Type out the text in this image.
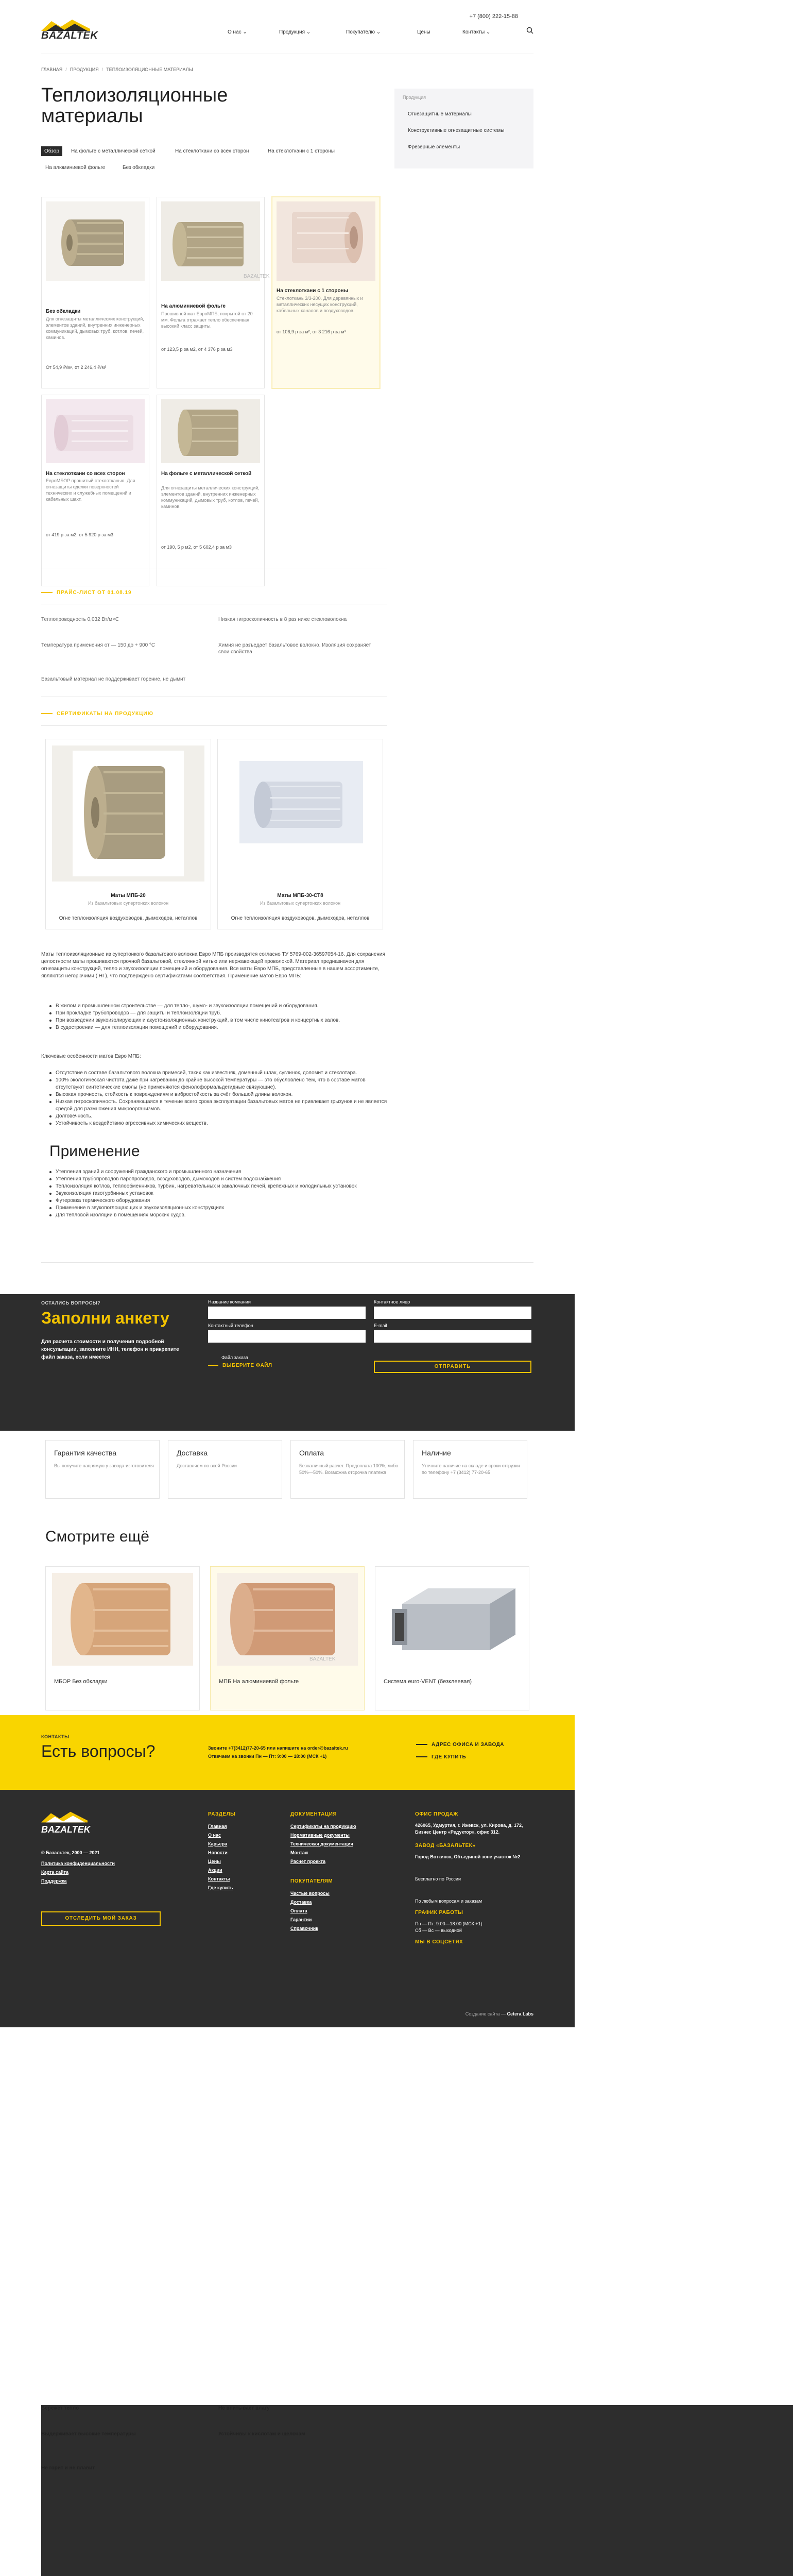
BAZALTEK
+7 (800) 222-15-88
О нас ⌄	Продукция ⌄	Покупателю ⌄	Цены	Контакты ⌄
ГЛАВНАЯ / ПРОДУКЦИЯ / ТЕПЛОИЗОЛЯЦИОННЫЕ МАТЕРИАЛЫ
Теплоизоляционные материалы
Обзор	На фольге с металлической сеткой	На стеклоткани со всех сторон	На стеклоткани с 1 стороны
На алюминиевой фольге	Без обкладки
Продукция
Огнезащитные материалы
Конструктивные огнезащитные системы
Фрезерные элементы
Без обкладки
Для огнезащиты металлических конструкций, элементов зданий, внутренних инженерных коммуникаций, дымовых труб, котлов, печей, каминов.
От 54,9 ₽/м², от 2 246,4 ₽/м³
BAZALTEK
На алюминиевой фольге
Прошивной мат ЕвроМПБ, покрытой от 20 мм. Фольга отражает тепло обеспечивая высокий класс защиты.
от 123,5 р за м2, от 4 376 р за м3
На стеклоткани с 1 стороны
Стеклоткань 3/3-200. Для деревянных и металлических несущих конструкций, кабельных каналов и воздуховодов.
от 106,9 р за м², от 3 216 р за м³
На стеклоткани со всех сторон
ЕвроМБОР прошитый стеклотканью. Для огнезащиты оделки поверхностей технических и служебных помещений и кабельных шахт.
от 419 р за м2, от 5 920 р за м3
На фольге с металлической сеткой
Для огнезащиты металлических конструкций, элементов зданий, внутренних инженерных коммуникаций, дымовых труб, котлов, печей, каминов.
от 190, 5 р м2, от 5 602,4 р за м3
ПРАЙС-ЛИСТ ОТ 01.08.19
Бережет тепло
Теплопроводность 0,032 Вт/м×С
Не впитывает влагу
Низкая гигроскопичность в 8 раз ниже стекловолокна
Выдерживает высокие температуры
Температура применения от — 150 до + 900 °С
Устойчивы к кислотам и щелочам
Химия не разъедает базальтовое волокно. Изоляция сохраняет свои свойства
Не горит и не плавит
Базальтовый материал не поддерживает горение, не дымит
СЕРТИФИКАТЫ НА ПРОДУКЦИЮ
Маты МПБ-20
Из базальтовых супертонких волокон
Огне теплоизоляция воздуховодов, дымоходов, неталлов
Маты МПБ-30-СТ8
Из базальтовых супертонких волокон
Огне теплоизоляция воздуховодов, дымоходов, неталлов
Маты теплоизоляционные из супертонкого базальтового волокна Евро МПБ производятся согласно ТУ 5769-002-36597054-16. Для сохранения целостности маты прошиваются прочной базальтовой, стеклянной нитью или нержавеющей проволокой. Материал предназначен для огнезащиты конструкций, тепло и звукоизоляции помещений и оборудования. Все маты Евро МПБ, представленные в нашем ассортименте, являются негорючими ( НГ), что подтверждено сертификатами соответствия. Применение матов Евро МПБ:
В жилом и промышленном строительстве — для тепло-, шумо- и звукоизоляции помещений и оборудования.
При прокладке трубопроводов — для защиты и теплоизоляции труб.
При возведении звукоизолирующих и акустоизоляционных конструкций, в том числе кинотеатров и концертных залов.
В судостроении — для теплоизоляции помещений и оборудования.
Ключевые особенности матов Евро МПБ:
Отсутствие в составе базальтового волокна примесей, таких как известняк, доменный шлак, суглинок, доломит и стеклотара.
100% экологическая чистота даже при нагревании до крайне высокой температуры — это обусловлено тем, что в составе матов отсутствуют синтетические смолы (не применяются фенолоформальдегидные связующие).
Высокая прочность, стойкость к повреждениям и вибростойкость за счёт большой длины волокон.
Низкая гигроскопичность. Сохраняющаяся в течение всего срока эксплуатации базальтовых матов не привлекает грызунов и не является средой для размножения микроорганизмов.
Долговечность.
Устойчивость к воздействию агрессивных химических веществ.
Применение
Утепления зданий и сооружений гражданского и промышленного назначения
Утепления трубопроводов паропроводов, воздуховодов, дымоходов и систем водоснабжения
Теплоизоляция котлов, теплообменников, турбин, нагревательных и закалочных печей, крепежных и холодильных установок
Звукоизоляция газотурбинных установок
Футеровка термического оборудования
Применение в звукопоглощающих и звукоизоляционных конструкциях
Для тепловой изоляции в помещениях морских судов.
ОСТАЛИСЬ ВОПРОСЫ?
Заполни анкету
Для расчета стоимости и получения подробной консультации, заполните ИНН, телефон и прикрепите файл заказа, если имеется
Название компании	Контактное лицо
Контактный телефон	E-mail
Файл заказа
ВЫБЕРИТЕ ФАЙЛ	ОТПРАВИТЬ
Гарантия качества
Вы получите напрямую у завода-изготовителя
Доставка
Доставляем по всей России
Оплата
Безналичный расчет. Предоплата 100%, либо 50%—50%. Возможна отсрочка платежа
Наличие
Уточните наличие на складе и сроки отгрузки по телефону +7 (3412) 77-20-65
Смотрите ещё
МБОР Без обкладки
BAZALTEK
МПБ На алюминиевой фольге	Система euro-VENT (безклеевая)
КОНТАКТЫ
Есть вопросы?	Звоните +7(3412)77-20-65 или напишите на order@bazaltek.ru
Отвечаем на звонки Пн — Пт: 9:00 — 18:00 (МСК +1)
АДРЕС ОФИСА И ЗАВОДА
ГДЕ КУПИТЬ
BAZALTEK
© Базальтек, 2000 — 2021
Политика конфиденциальности
Карта сайта
Поддержка
ОТСЛЕДИТЬ МОЙ ЗАКАЗ
РАЗДЕЛЫ
Главная
О нас
Карьера
Новости
Цены
Акции
Контакты
Где купить
ДОКУМЕНТАЦИЯ
Сертификаты на продукцию
Нормативные документы
Техническая документация
Монтаж
Расчет проекта
ПОКУПАТЕЛЯМ
Частые вопросы
Доставка
Оплата
Гарантии
Справочник
ОФИС ПРОДАЖ
426065, Удмуртия, г. Ижевск, ул. Кирова, д. 172, Бизнес Центр «Редуктор», офис 312.
ЗАВОД «БАЗАЛЬТЕК»
Город Воткинск, Объединой зоне участок №2
Бесплатно по России
По любым вопросам и заказам
ГРАФИК РАБОТЫ
Пн — Пт: 9:00—18:00 (МСК +1)
Сб — Вс — выходной
МЫ В СОЦСЕТЯХ
Создание сайта — Cetera Labs
